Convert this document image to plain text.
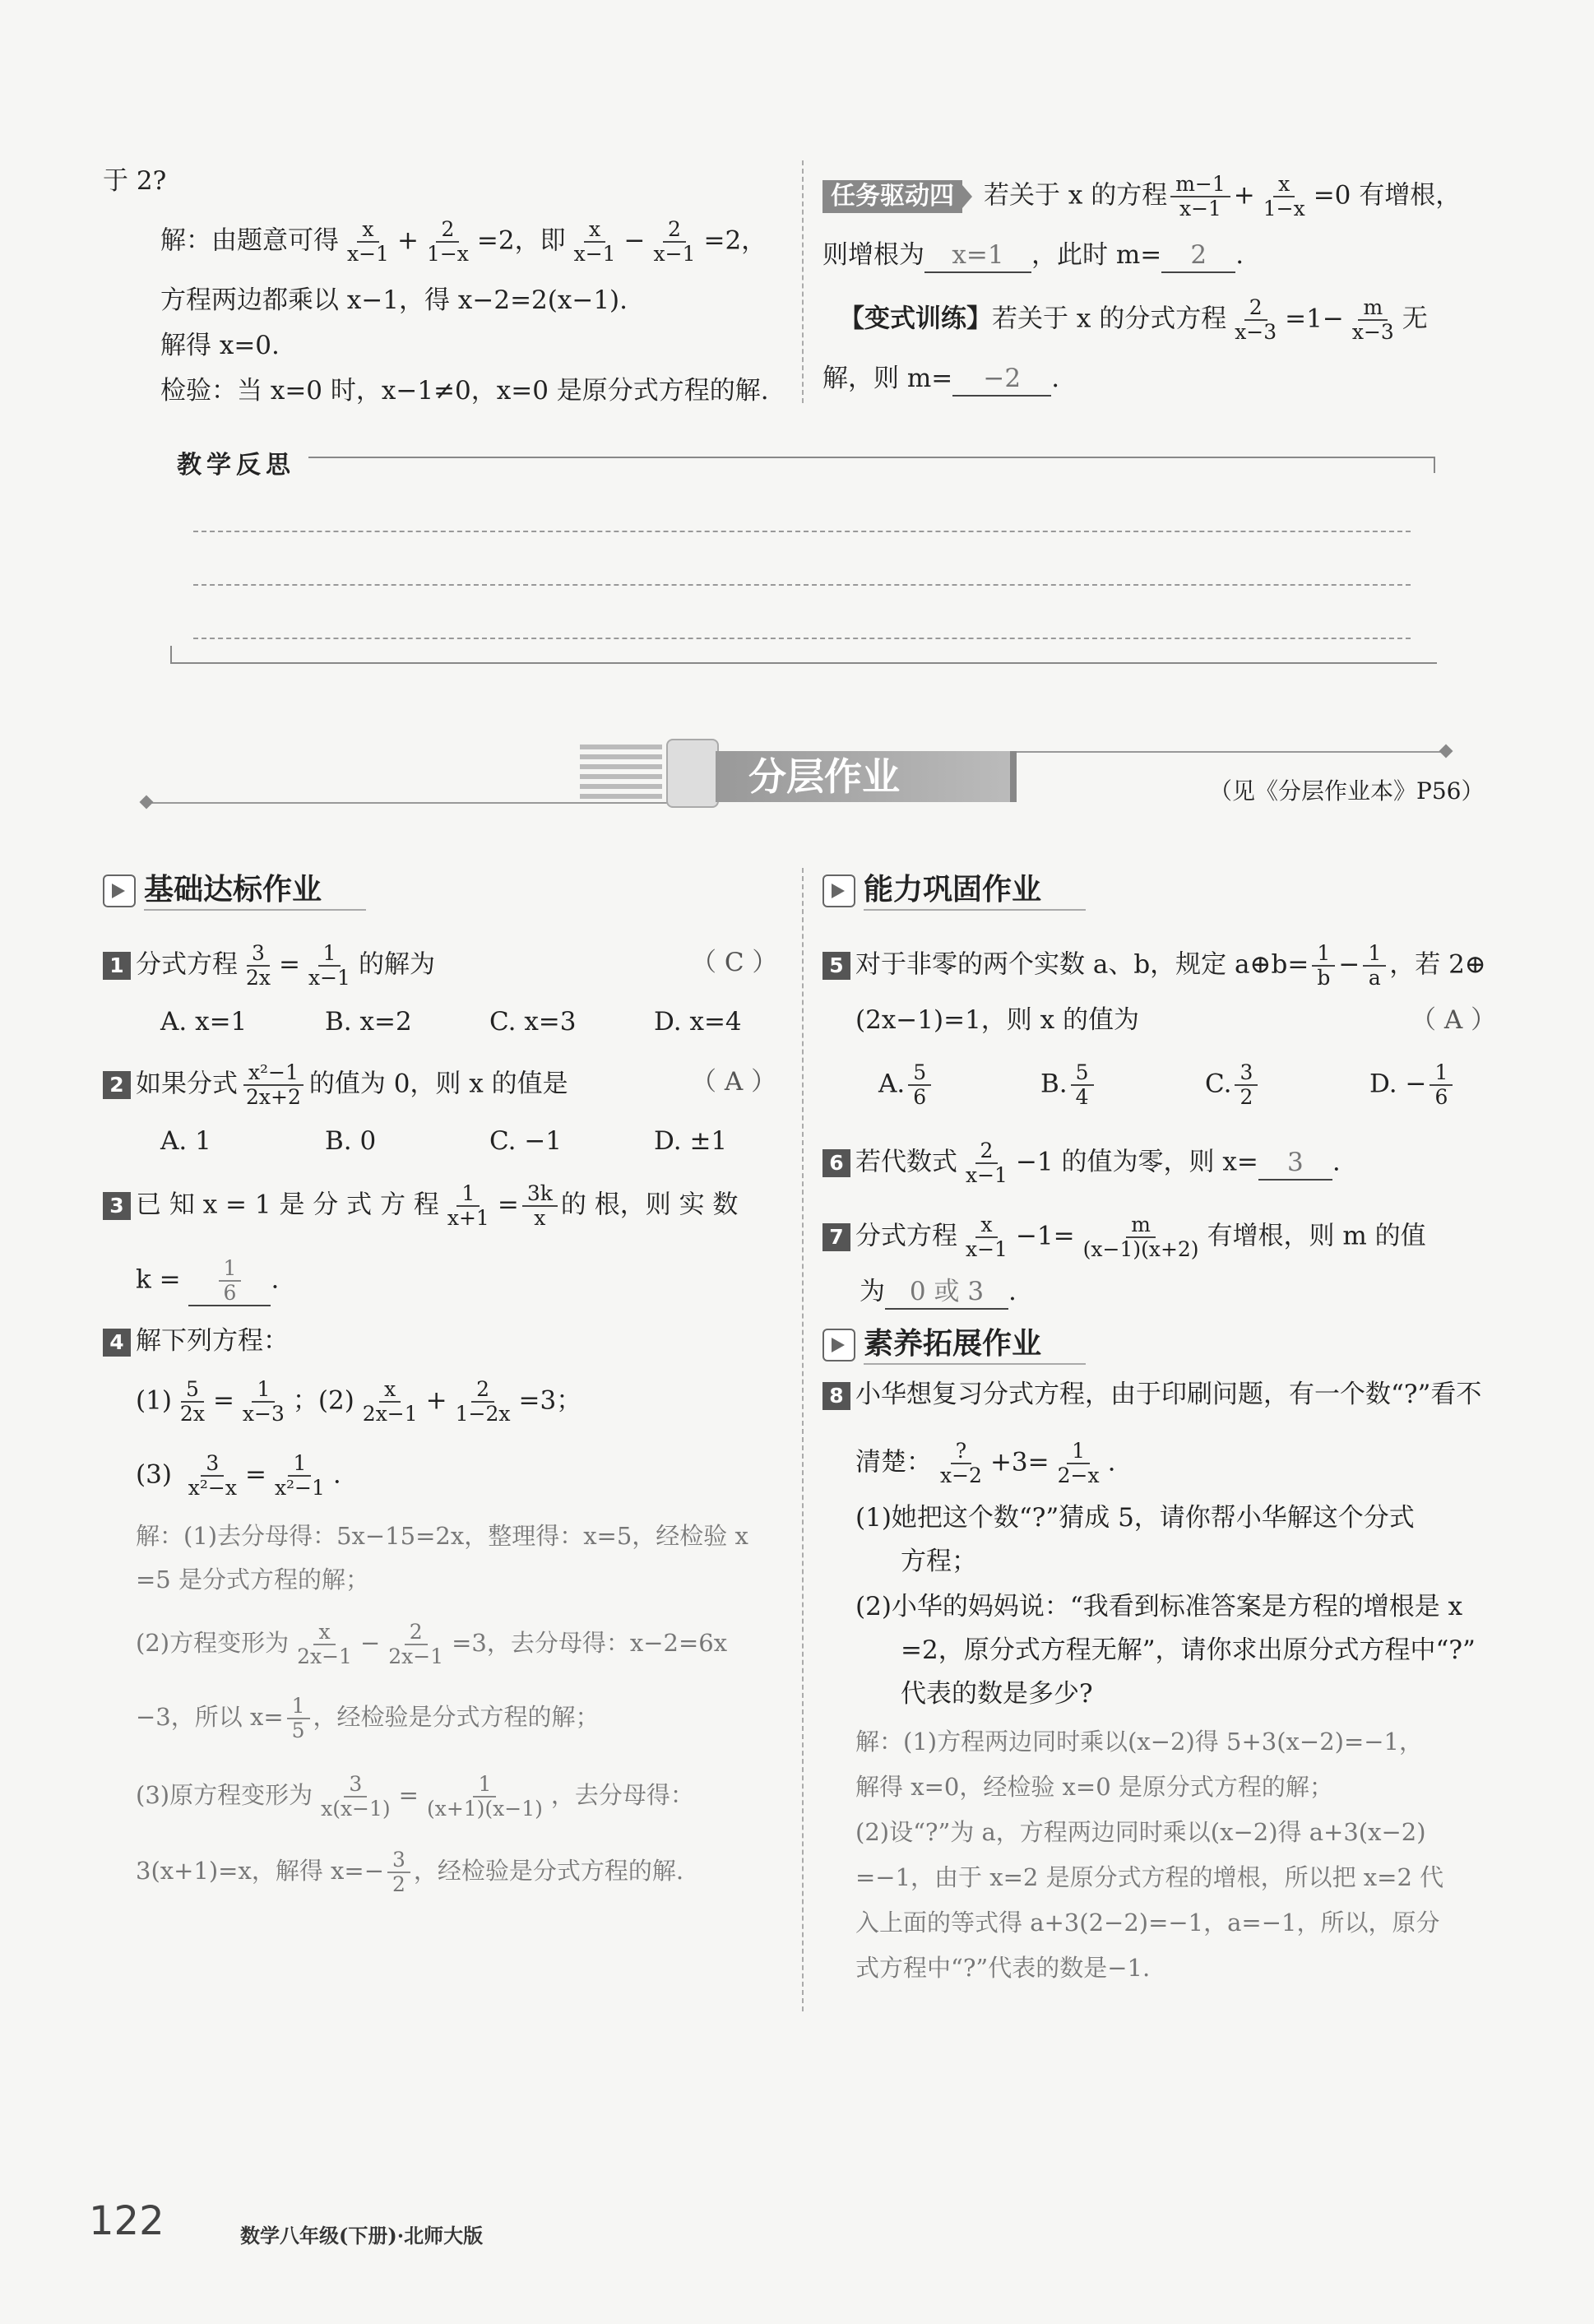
于 2?
解：由题意可得 $\frac{x}{x-1} + \frac{2}{1-x} =2$，即 $\frac{x}{x-1} - \frac{2}{x-1} =2$，
方程两边都乘以 x−1，得 x−2=2(x−1).
解得 x=0.
检验：当 x=0 时，x−1≠0，x=0 是原分式方程的解.
任务驱动四 若关于 x 的方程 $\frac{m-1}{x-1} + \frac{x}{1-x} =0$ 有增根，
则增根为 x=1 ，此时 m= 2 .
【变式训练】若关于 x 的分式方程 $\frac{2}{x-3} =1- \frac{m}{x-3}$ 无
解，则 m= −2 .
教学反思
分层作业	（见《分层作业本》P56）
基础达标作业
1 分式方程 $\frac{3}{2x} = \frac{1}{x-1}$ 的解为	（ C ）
A. x=1	B. x=2	C. x=3	D. x=4
2 如果分式 $\frac{\text{x²−1}}{2x+2}$ 的值为 0，则 x 的值是	（ A ）
A. 1	B. 0	C. −1	D. ±1
3 已 知 x = 1 是 分 式 方 程 $\frac{1}{x+1} = \frac{3k}{x}$ 的 根，则 实 数
$k = \frac{1}{6}$ .
4 解下列方程：
$(1) \frac{5}{2x} = \frac{1}{x-3}$ ；$(2) \frac{x}{2x-1} + \frac{2}{1-2x} =3$；
$(3) \frac{3}{\text{x²−x}} = \frac{1}{\text{x²−1}}$ .
解：(1)去分母得：5x−15=2x，整理得：x=5，经检验 x
=5 是分式方程的解；
(2)方程变形为 $\frac{x}{2x-1} - \frac{2}{2x-1} =3$，去分母得：x−2=6x
−3，所以 $x= \frac{1}{5}$ ，经检验是分式方程的解；
(3)原方程变形为 $\frac{3}{x(x-1)} = \frac{1}{(x+1)(x-1)}$ ，去分母得：
3(x+1)=x，解得 $x=- \frac{3}{2}$ ，经检验是分式方程的解.
能力巩固作业
5 对于非零的两个实数 a、b，规定 a⊕b= $\frac{1}{b} - \frac{1}{a}$ ，若 2⊕
(2x−1)=1，则 x 的值为	（ A ）
A. $\frac{5}{6}$	B. $\frac{5}{4}$	C. $\frac{3}{2}$	D. − $\frac{1}{6}$
6 若代数式 $\frac{2}{x-1} -1$ 的值为零，则 x= 3 .
7 分式方程 $\frac{x}{x-1} -1= \frac{m}{(x-1)(x+2)}$ 有增根，则 m 的值
为 0 或 3 .
素养拓展作业
8 小华想复习分式方程，由于印刷问题，有一个数“?”看不
清楚： $\frac{?}{x-2} +3= \frac{1}{2-x}$ .
(1)她把这个数“?”猜成 5，请你帮小华解这个分式
方程；
(2)小华的妈妈说：“我看到标准答案是方程的增根是 x
=2，原分式方程无解”，请你求出原分式方程中“?”
代表的数是多少?
解：(1)方程两边同时乘以(x−2)得 5+3(x−2)=−1，
解得 x=0，经检验 x=0 是原分式方程的解；
(2)设“?”为 a，方程两边同时乘以(x−2)得 a+3(x−2)
=−1，由于 x=2 是原分式方程的增根，所以把 x=2 代
入上面的等式得 a+3(2−2)=−1，a=−1，所以，原分
式方程中“?”代表的数是−1.
122	数学八年级(下册)·北师大版
